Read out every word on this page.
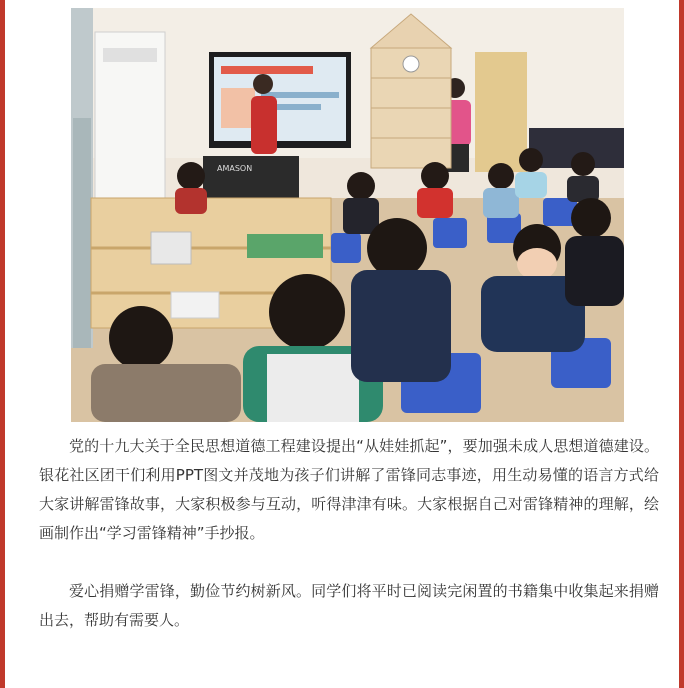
AMASON

党的十九大关于全民思想道德工程建设提出“从娃娃抓起”，要加强未成人思想道德建设。银花社区团干们利用PPT图文并茂地为孩子们讲解了雷锋同志事迹，用生动易懂的语言方式给大家讲解雷锋故事，大家积极参与互动，听得津津有味。大家根据自己对雷锋精神的理解，绘画制作出“学习雷锋精神”手抄报。

爱心捐赠学雷锋，勤俭节约树新风。同学们将平时已阅读完闲置的书籍集中收集起来捐赠出去，帮助有需要人。
